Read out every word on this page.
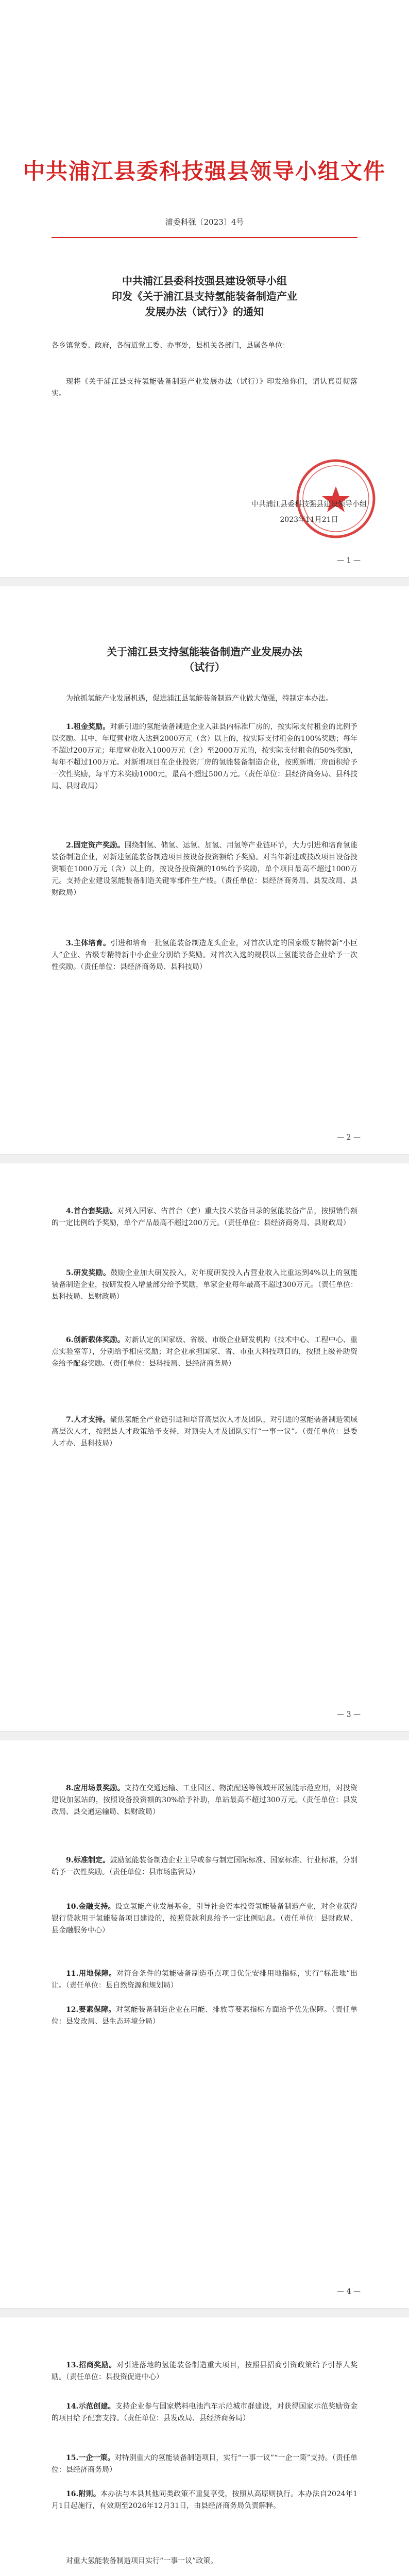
中共浦江县委科技强县领导小组文件
浦委科强〔2023〕4号
中共浦江县委科技强县建设领导小组
印发《关于浦江县支持氢能装备制造产业
发展办法（试行）》的通知

各乡镇党委、政府，各街道党工委、办事处，县机关各部门，县属各单位：

现将《关于浦江县支持氢能装备制造产业发展办法（试行）》印发给你们，请认真贯彻落实。

中共浦江县委科技强县建设领导小组
2023年11月21日
— 1 —
关于浦江县支持氢能装备制造产业发展办法
（试行）

为抢抓氢能产业发展机遇，促进浦江县氢能装备制造产业做大做强，特制定本办法。

1.租金奖励。对新引进的氢能装备制造企业入驻县内标准厂房的，按实际支付租金的比例予以奖励。其中，年度营业收入达到2000万元（含）以上的，按实际支付租金的100%奖励；每年不超过200万元；年度营业收入1000万元（含）至2000万元的，按实际支付租金的50%奖励，每年不超过100万元。对新增项目在企业投资厂房的氢能装备制造企业，按照新增厂房面积给予一次性奖励，每平方米奖励1000元，最高不超过500万元。（责任单位：县经济商务局、县科技局、县财政局）

2.固定资产奖励。围绕制氢、储氢、运氢、加氢、用氢等产业链环节，大力引进和培育氢能装备制造企业，对新建氢能装备制造项目按设备投资额给予奖励。对当年新建或技改项目设备投资额在1000万元（含）以上的，按设备投资额的10%给予奖励，单个项目最高不超过1000万元。支持企业建设氢能装备制造关键零部件生产线。（责任单位：县经济商务局、县发改局、县财政局）

3.主体培育。引进和培育一批氢能装备制造龙头企业，对首次认定的国家级专精特新“小巨人”企业、省级专精特新中小企业分别给予奖励。对首次入选的规模以上氢能装备企业给予一次性奖励。（责任单位：县经济商务局、县科技局）

— 2 —

4.首台套奖励。对列入国家、省首台（套）重大技术装备目录的氢能装备产品，按照销售额的一定比例给予奖励，单个产品最高不超过200万元。（责任单位：县经济商务局、县财政局）

5.研发奖励。鼓励企业加大研发投入，对年度研发投入占营业收入比重达到4%以上的氢能装备制造企业，按研发投入增量部分给予奖励，单家企业每年最高不超过300万元。（责任单位：县科技局、县财政局）

6.创新载体奖励。对新认定的国家级、省级、市级企业研发机构（技术中心、工程中心、重点实验室等），分别给予相应奖励；对企业承担国家、省、市重大科技项目的，按照上级补助资金给予配套奖励。（责任单位：县科技局、县经济商务局）

7.人才支持。聚焦氢能全产业链引进和培育高层次人才及团队，对引进的氢能装备制造领域高层次人才，按照县人才政策给予支持，对顶尖人才及团队实行“一事一议”。（责任单位：县委人才办、县科技局）

— 3 —

8.应用场景奖励。支持在交通运输、工业园区、物流配送等领域开展氢能示范应用，对投资建设加氢站的，按照设备投资额的30%给予补助，单站最高不超过300万元。（责任单位：县发改局、县交通运输局、县财政局）

9.标准制定。鼓励氢能装备制造企业主导或参与制定国际标准、国家标准、行业标准，分别给予一次性奖励。（责任单位：县市场监管局）

10.金融支持。设立氢能产业发展基金，引导社会资本投资氢能装备制造产业，对企业获得银行贷款用于氢能装备项目建设的，按照贷款利息给予一定比例贴息。（责任单位：县财政局、县金融服务中心）

11.用地保障。对符合条件的氢能装备制造重点项目优先安排用地指标，实行“标准地”出让。（责任单位：县自然资源和规划局）

12.要素保障。对氢能装备制造企业在用能、排放等要素指标方面给予优先保障。（责任单位：县发改局、县生态环境分局）

— 4 —

13.招商奖励。对引进落地的氢能装备制造重大项目，按照县招商引资政策给予引荐人奖励。（责任单位：县投资促进中心）

14.示范创建。支持企业参与国家燃料电池汽车示范城市群建设，对获得国家示范奖励资金的项目给予配套支持。（责任单位：县发改局、县经济商务局）

15.一企一策。对特别重大的氢能装备制造项目，实行“一事一议”“一企一策”支持。（责任单位：县经济商务局）

16.附则。本办法与本县其他同类政策不重复享受，按照从高原则执行。本办法自2024年1月1日起施行，有效期至2026年12月31日，由县经济商务局负责解释。

对重大氢能装备制造项目实行“一事一议”政策。
